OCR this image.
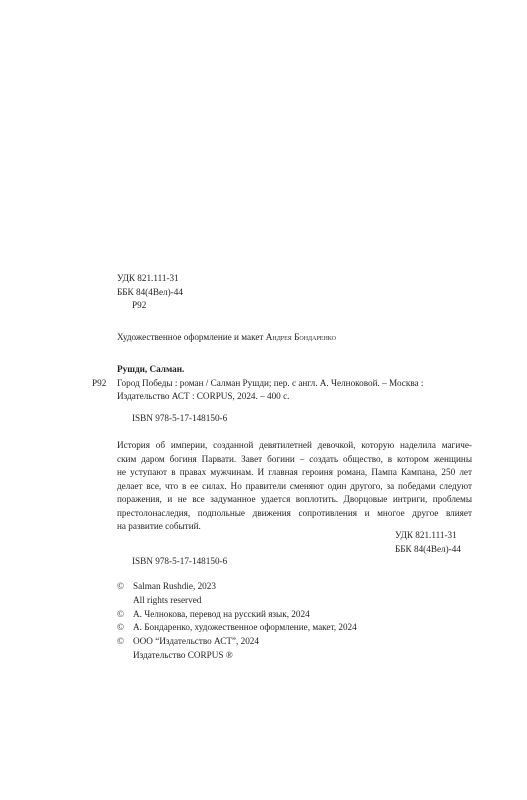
УДК 821.111-31
ББК 84(4Вел)-44
Р92
Художественное оформление и макет Андрея Бондаренко
Р92
Рушди, Салман.
Город Победы : роман / Салман Рушди; пер. с англ. А. Челноковой. – Москва :
Издательство АСТ : CORPUS, 2024. – 400 с.
ISBN 978-5-17-148150-6
История об империи, созданной девятилетней девочкой, которую наделила магиче-
ским даром богиня Парвати. Завет богини – создать общество, в котором женщины
не уступают в правах мужчинам. И главная героиня романа, Пампа Кампана, 250 лет
делает все, что в ее силах. Но правители сменяют один другого, за победами следуют
поражения, и не все задуманное удается воплотить. Дворцовые интриги, проблемы
престолонаследия, подпольные движения сопротивления и многое другое влияет
на развитие событий.
УДК 821.111-31
ББК 84(4Вел)-44
ISBN 978-5-17-148150-6
© Salman Rushdie, 2023
All rights reserved
© А. Челнокова, перевод на русский язык, 2024
© А. Бондаренко, художественное оформление, макет, 2024
© ООО “Издательство АСТ”, 2024
Издательство CORPUS ®
